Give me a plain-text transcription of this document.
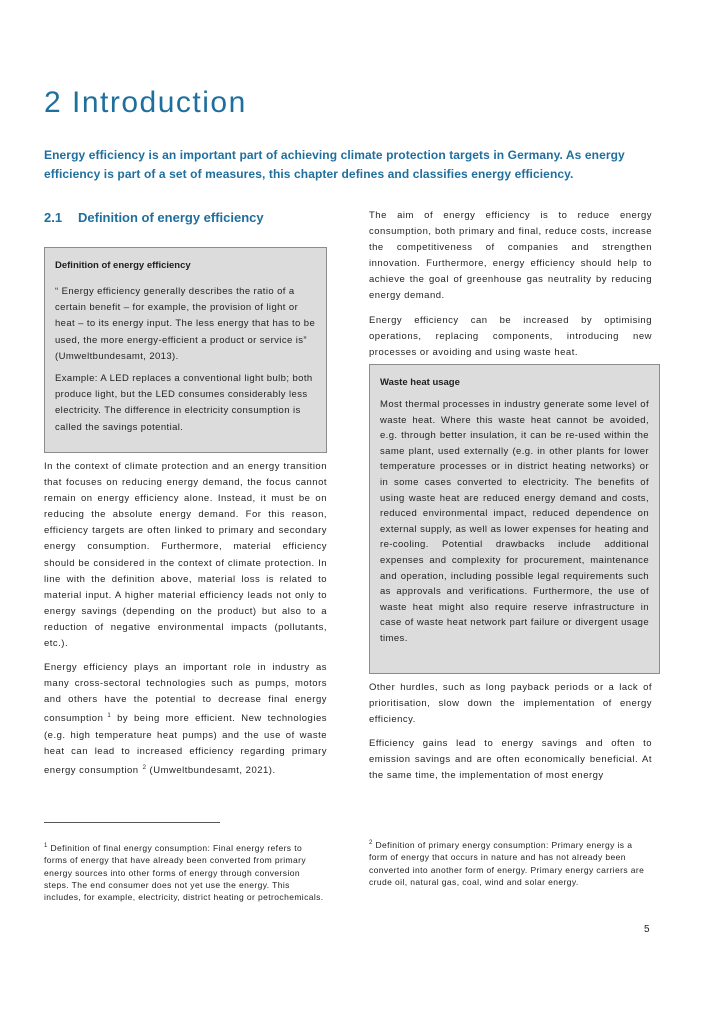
2 Introduction
Energy efficiency is an important part of achieving climate protection targets in Germany. As energy efficiency is part of a set of measures, this chapter defines and classifies energy efficiency.
2.1 Definition of energy efficiency
Definition of energy efficiency

“ Energy efficiency generally describes the ratio of a certain benefit – for example, the provision of light or heat – to its energy input. The less energy that has to be used, the more energy-efficient a product or service is” (Umweltbundesamt, 2013).

Example: A LED replaces a conventional light bulb; both produce light, but the LED consumes considerably less electricity. The difference in electricity consumption is called the savings potential.

In the context of climate protection and an energy transition that focuses on reducing energy demand, the focus cannot remain on energy efficiency alone. Instead, it must be on reducing the absolute energy demand. For this reason, efficiency targets are often linked to primary and secondary energy consumption. Furthermore, material efficiency should be considered in the context of climate protection. In line with the definition above, material loss is related to material input. A higher material efficiency leads not only to energy savings (depending on the product) but also to a reduction of negative environmental impacts (pollutants, etc.).

Energy efficiency plays an important role in industry as many cross-sectoral technologies such as pumps, motors and others have the potential to decrease final energy consumption $^1$ by being more efficient. New technologies (e.g. high temperature heat pumps) and the use of waste heat can lead to increased efficiency regarding primary energy consumption $^2$ (Umweltbundesamt, 2021).

The aim of energy efficiency is to reduce energy consumption, both primary and final, reduce costs, increase the competitiveness of companies and strengthen innovation. Furthermore, energy efficiency should help to achieve the goal of greenhouse gas neutrality by reducing energy demand.

Energy efficiency can be increased by optimising operations, replacing components, introducing new processes or avoiding and using waste heat.

Waste heat usage

Most thermal processes in industry generate some level of waste heat. Where this waste heat cannot be avoided, e.g. through better insulation, it can be re-used within the same plant, used externally (e.g. in other plants for lower temperature processes or in district heating networks) or in some cases converted to electricity. The benefits of using waste heat are reduced energy demand and costs, reduced environmental impact, reduced dependence on external supply, as well as lower expenses for heating and re-cooling. Potential drawbacks include additional expenses and complexity for procurement, maintenance and operation, including possible legal requirements such as approvals and verifications. Furthermore, the use of waste heat might also require reserve infrastructure in case of waste heat network part failure or divergent usage times.

Other hurdles, such as long payback periods or a lack of prioritisation, slow down the implementation of energy efficiency.

Efficiency gains lead to energy savings and often to emission savings and are often economically beneficial. At the same time, the implementation of most energy

$^1$ Definition of final energy consumption: Final energy refers to forms of energy that have already been converted from primary energy sources into other forms of energy through conversion steps. The end consumer does not yet use the energy. This includes, for example, electricity, district heating or petrochemicals.
$^2$ Definition of primary energy consumption: Primary energy is a form of energy that occurs in nature and has not already been converted into another form of energy. Primary energy carriers are crude oil, natural gas, coal, wind and solar energy.
5
